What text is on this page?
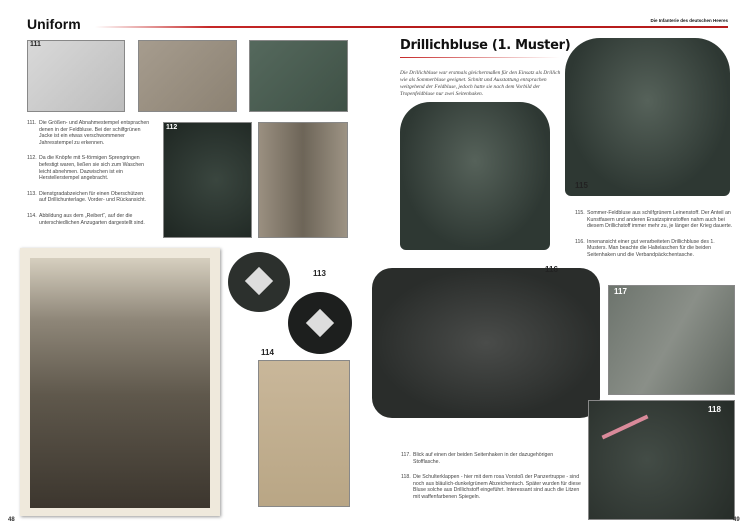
Uniform
111
111. Die Größen- und Abnahmestempel entsprachen denen in der Feldbluse. Bei der schilfgrünen Jacke ist ein etwas verschwommener Jahresstempel zu erkennen.

112. Da die Knöpfe mit S-förmigen Sprengringen befestigt waren, ließen sie sich zum Waschen leicht abnehmen. Dazwischen ist ein Herstellerstempel angebracht.

113. Dienstgradabzeichen für einen Oberschützen auf Drillichunterlage. Vorder- und Rückansicht.

114. Abbildung aus dem „Reibert“, auf der die unterschiedlichen Anzugarten dargestellt sind.

112
113
114
48
Die Infanterie des deutschen Heeres
Drillichbluse (1. Muster)
Die Drillichbluse war erstmals gleichermaßen für den Einsatz als Drillich wie als Sommerbluse geeignet. Schnitt und Ausstattung entsprachen weitgehend der Feldbluse, jedoch hatte sie nach dem Vorbild der Tropenfeldbluse nur zwei Seitenhaken.
115
115. Sommer-Feldbluse aus schilfgrünem Leinenstoff. Der Anteil an Kunstfasern und anderen Ersatzspinnstoffen nahm auch bei diesem Drillichstoff immer mehr zu, je länger der Krieg dauerte.

116. Innenansicht einer gut verarbeiteten Drillichbluse des 1. Musters. Man beachte die Haltelaschen für die beiden Seitenhaken und die Verbandpäckchentasche.

116
117
118
117. Blick auf einen der beiden Seitenhaken in der dazugehörigen Stofflasche.

118. Die Schulterklappen - hier mit dem rosa Vorstoß der Panzertruppe - sind noch aus bläulich-dunkelgrünem Abzeichentuch. Später wurden für diese Bluse solche aus Drillichstoff eingeführt. Interessant sind auch die Litzen mit waffenfarbenen Spiegeln.

49
